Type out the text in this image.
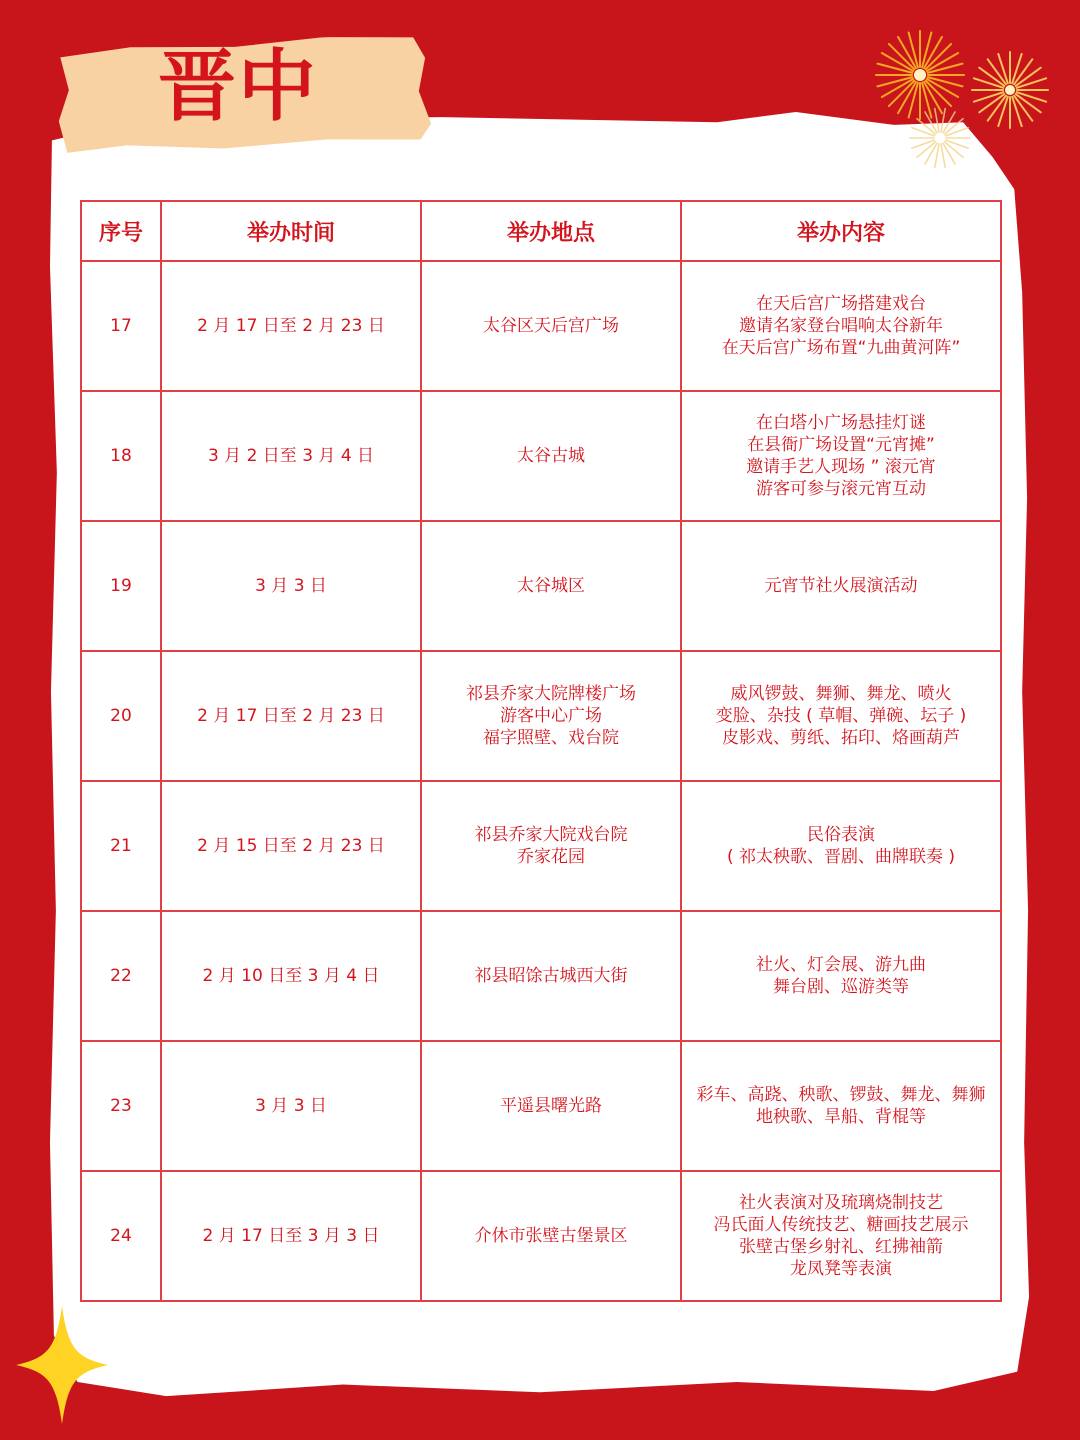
晋中
序号	举办时间	举办地点	举办内容
17	2 月 17 日至 2 月 23 日	太谷区天后宫广场	在天后宫广场搭建戏台
邀请名家登台唱响太谷新年
在天后宫广场布置“九曲黄河阵”

18	3 月 2 日至 3 月 4 日	太谷古城	在白塔小广场悬挂灯谜
在县衙广场设置“元宵摊”
邀请手艺人现场 ” 滚元宵
游客可参与滚元宵互动

19	3 月 3 日	太谷城区	元宵节社火展演活动

20	2 月 17 日至 2 月 23 日	祁县乔家大院牌楼广场
游客中心广场
福字照壁、戏台院	威风锣鼓、舞狮、舞龙、喷火
变脸、杂技 ( 草帽、弹碗、坛子 )
皮影戏、剪纸、拓印、烙画葫芦

21	2 月 15 日至 2 月 23 日	祁县乔家大院戏台院
乔家花园	民俗表演
( 祁太秧歌、晋剧、曲牌联奏 )

22	2 月 10 日至 3 月 4 日	祁县昭馀古城西大街	社火、灯会展、游九曲
舞台剧、巡游类等

23	3 月 3 日	平遥县曙光路	彩车、高跷、秧歌、锣鼓、舞龙、舞狮
地秧歌、旱船、背棍等

24	2 月 17 日至 3 月 3 日	介休市张壁古堡景区	社火表演对及琉璃烧制技艺
冯氏面人传统技艺、糖画技艺展示
张壁古堡乡射礼、红拂袖箭
龙凤凳等表演
